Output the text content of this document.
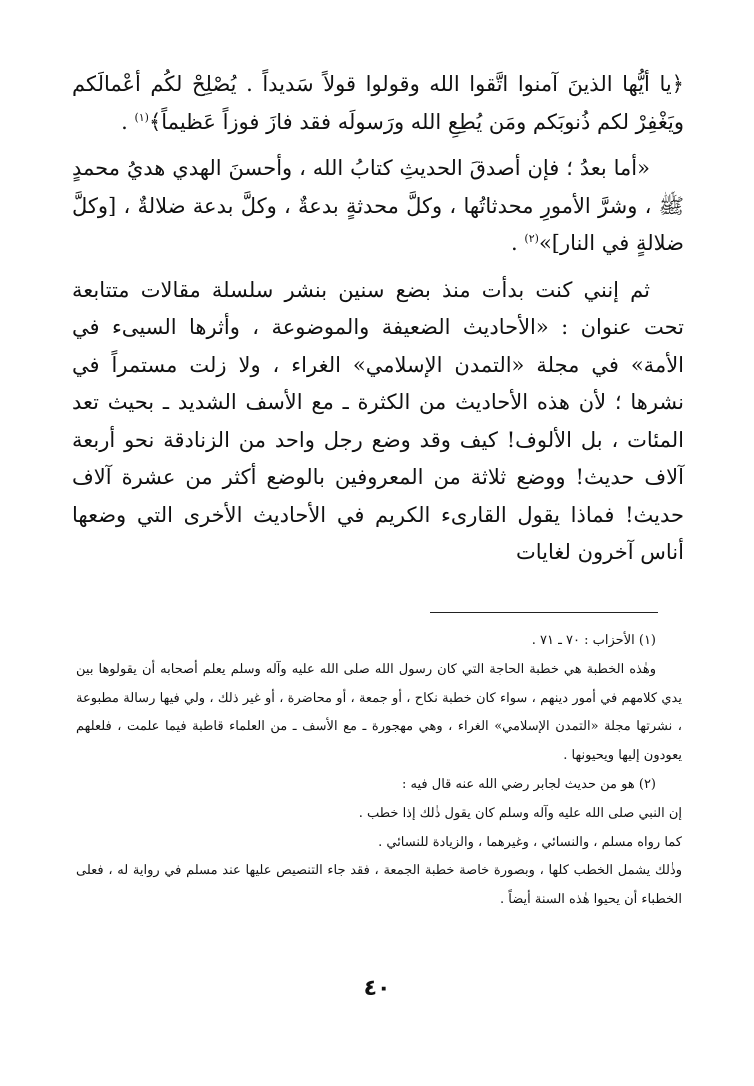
﴿يا أيُّها الذينَ آمنوا اتَّقوا الله وقولوا قولاً سَديداً . يُصْلِحْ لكُم أعْمالَكم ويَغْفِرْ لكم ذُنوبَكم ومَن يُطِعِ الله ورَسولَه فقد فازَ فوزاً عَظيماً﴾$^{(١)}$ .

«أما بعدُ ؛ فإن أصدقَ الحديثِ كتابُ الله ، وأحسنَ الهدي هديُ محمدٍ ﷺ ، وشرَّ الأمورِ محدثاتُها ، وكلَّ محدثةٍ بدعةٌ ، وكلَّ بدعة ضلالةٌ ، [وكلَّ ضلالةٍ في النار]»$^{(٢)}$ .

ثم إنني كنت بدأت منذ بضع سنين بنشر سلسلة مقالات متتابعة تحت عنوان : «الأحاديث الضعيفة والموضوعة ، وأثرها السيىء في الأمة» في مجلة «التمدن الإسلامي» الغراء ، ولا زلت مستمراً في نشرها ؛ لأن هذه الأحاديث من الكثرة ـ مع الأسف الشديد ـ بحيث تعد المئات ، بل الألوف! كيف وقد وضع رجل واحد من الزنادقة نحو أربعة آلاف حديث! ووضع ثلاثة من المعروفين بالوضع أكثر من عشرة آلاف حديث! فماذا يقول القارىء الكريم في الأحاديث الأخرى التي وضعها أناس آخرون لغايات

(١) الأحزاب : ٧٠ ـ ٧١ .

وهٰذه الخطبة هي خطبة الحاجة التي كان رسول الله صلى الله عليه وآله وسلم يعلم أصحابه أن يقولوها بين يدي كلامهم في أمور دينهم ، سواء كان خطبة نكاح ، أو جمعة ، أو محاضرة ، أو غير ذلك ، ولي فيها رسالة مطبوعة ، نشرتها مجلة «التمدن الإسلامي» الغراء ، وهي مهجورة ـ مع الأسف ـ من العلماء قاطبة فيما علمت ، فلعلهم يعودون إليها ويحيونها .

(٢) هو من حديث لجابر رضي الله عنه قال فيه :

إن النبي صلى الله عليه وآله وسلم كان يقول ذٰلك إذا خطب .

كما رواه مسلم ، والنسائي ، وغيرهما ، والزيادة للنسائي .

وذٰلك يشمل الخطب كلها ، وبصورة خاصة خطبة الجمعة ، فقد جاء التنصيص عليها عند مسلم في رواية له ، فعلى الخطباء أن يحيوا هٰذه السنة أيضاً .

٤٠
